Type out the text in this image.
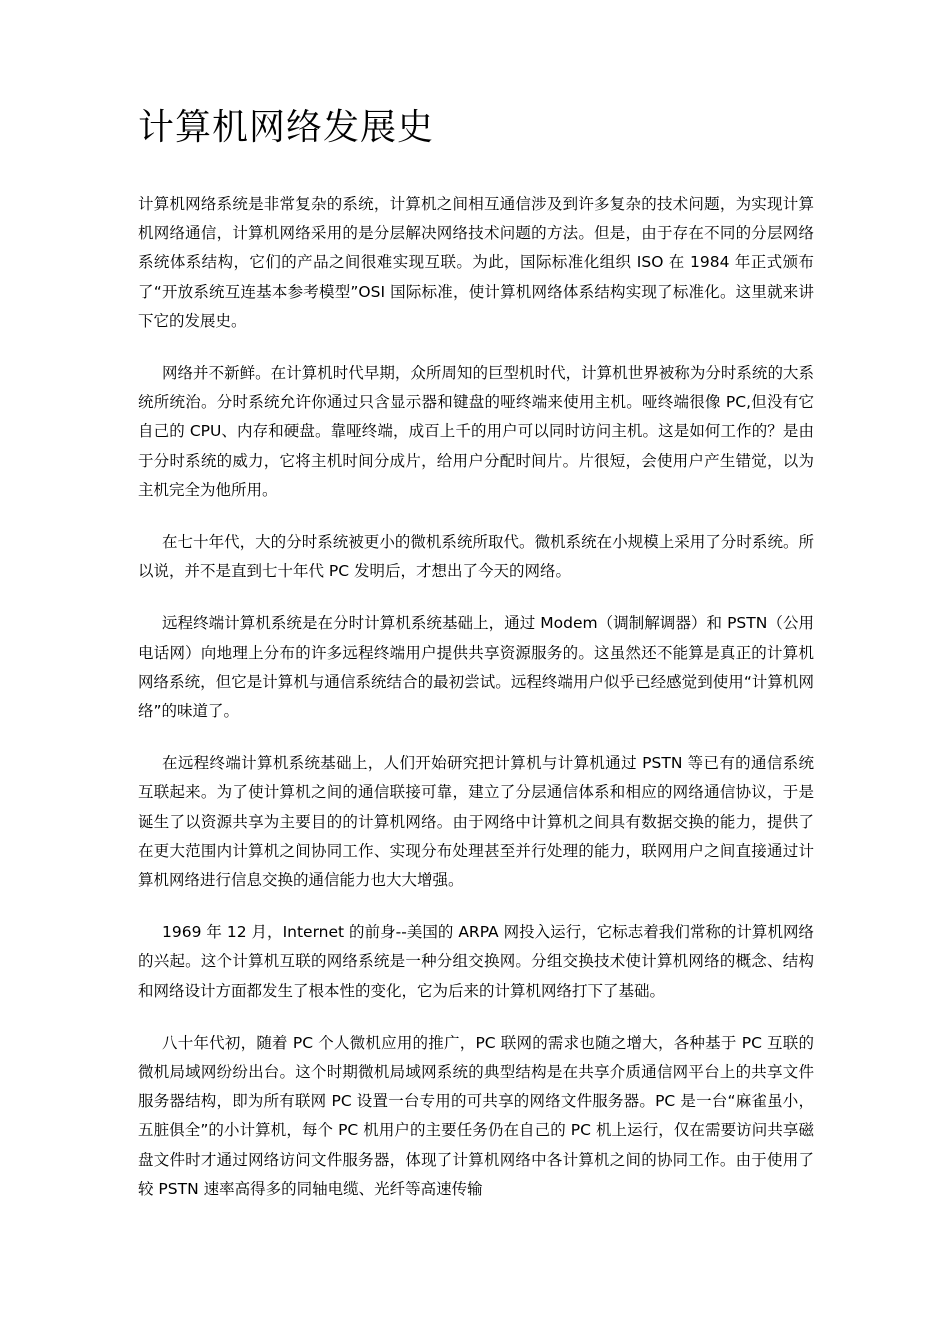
计算机网络发展史

计算机网络系统是非常复杂的系统，计算机之间相互通信涉及到许多复杂的技术问题，为实现计算机网络通信，计算机网络采用的是分层解决网络技术问题的方法。但是，由于存在不同的分层网络系统体系结构，它们的产品之间很难实现互联。为此，国际标准化组织 ISO 在 1984 年正式颁布了“开放系统互连基本参考模型”OSI 国际标准，使计算机网络体系结构实现了标准化。这里就来讲下它的发展史。

网络并不新鲜。在计算机时代早期，众所周知的巨型机时代，计算机世界被称为分时系统的大系统所统治。分时系统允许你通过只含显示器和键盘的哑终端来使用主机。哑终端很像 PC,但没有它自己的 CPU、内存和硬盘。靠哑终端，成百上千的用户可以同时访问主机。这是如何工作的？是由于分时系统的威力，它将主机时间分成片，给用户分配时间片。片很短，会使用户产生错觉，以为主机完全为他所用。

在七十年代，大的分时系统被更小的微机系统所取代。微机系统在小规模上采用了分时系统。所以说，并不是直到七十年代 PC 发明后，才想出了今天的网络。

远程终端计算机系统是在分时计算机系统基础上，通过 Modem（调制解调器）和 PSTN（公用电话网）向地理上分布的许多远程终端用户提供共享资源服务的。这虽然还不能算是真正的计算机网络系统，但它是计算机与通信系统结合的最初尝试。远程终端用户似乎已经感觉到使用“计算机网络”的味道了。

在远程终端计算机系统基础上，人们开始研究把计算机与计算机通过 PSTN 等已有的通信系统互联起来。为了使计算机之间的通信联接可靠，建立了分层通信体系和相应的网络通信协议，于是诞生了以资源共享为主要目的的计算机网络。由于网络中计算机之间具有数据交换的能力，提供了在更大范围内计算机之间协同工作、实现分布处理甚至并行处理的能力，联网用户之间直接通过计算机网络进行信息交换的通信能力也大大增强。

1969 年 12 月，Internet 的前身--美国的 ARPA 网投入运行，它标志着我们常称的计算机网络的兴起。这个计算机互联的网络系统是一种分组交换网。分组交换技术使计算机网络的概念、结构和网络设计方面都发生了根本性的变化，它为后来的计算机网络打下了基础。

八十年代初，随着 PC 个人微机应用的推广，PC 联网的需求也随之增大，各种基于 PC 互联的微机局域网纷纷出台。这个时期微机局域网系统的典型结构是在共享介质通信网平台上的共享文件服务器结构，即为所有联网 PC 设置一台专用的可共享的网络文件服务器。PC 是一台“麻雀虽小，五脏俱全”的小计算机，每个 PC 机用户的主要任务仍在自己的 PC 机上运行，仅在需要访问共享磁盘文件时才通过网络访问文件服务器，体现了计算机网络中各计算机之间的协同工作。由于使用了较 PSTN 速率高得多的同轴电缆、光纤等高速传输
